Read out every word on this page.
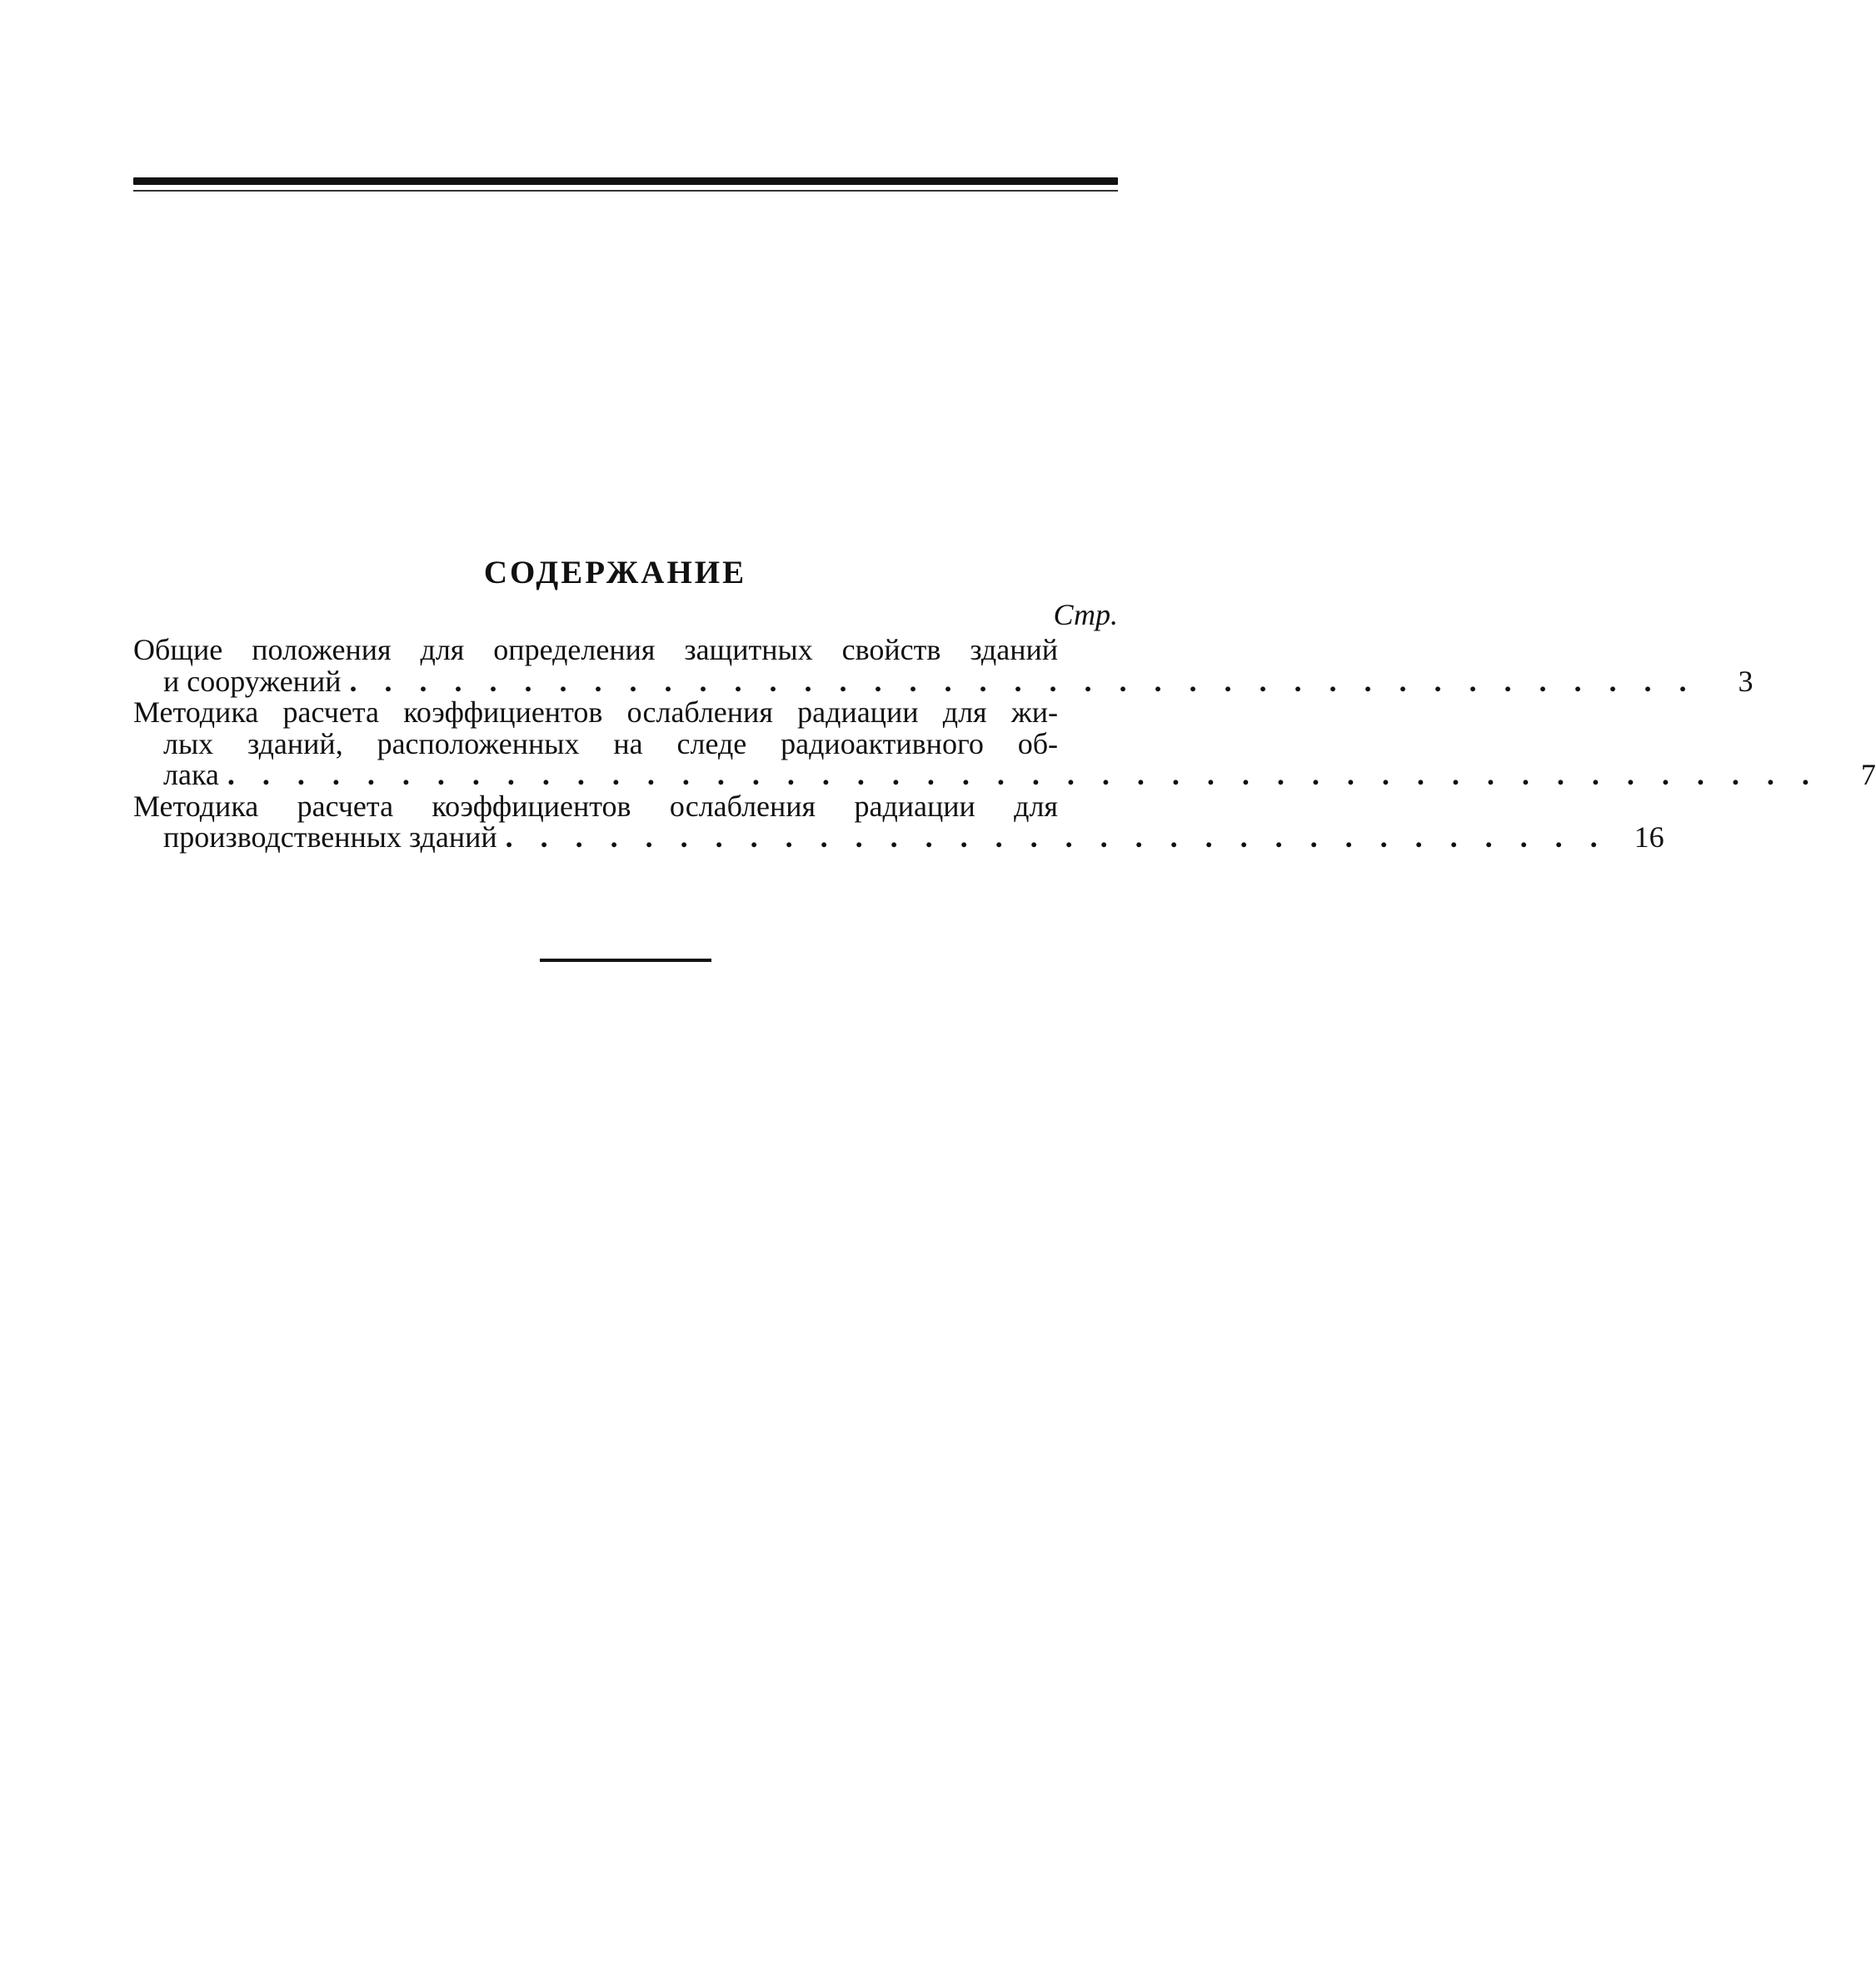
СОДЕРЖАНИЕ
Стр.
Общие положения для определения защитных свойств зданий
и сооружений . . . . . . . . . . . . . . . . . . . . . . . . . . . . . . . . . . . . . . .	3
Методика расчета коэффициентов ослабления радиации для жи-
лых зданий, расположенных на следе радиоактивного об-
лака . . . . . . . . . . . . . . . . . . . . . . . . . . . . . . . . . . . . . . . . . . . . . .	7
Методика расчета коэффициентов ослабления радиации для
производственных зданий . . . . . . . . . . . . . . . . . . . . . . . . . . . . . . . . 16
